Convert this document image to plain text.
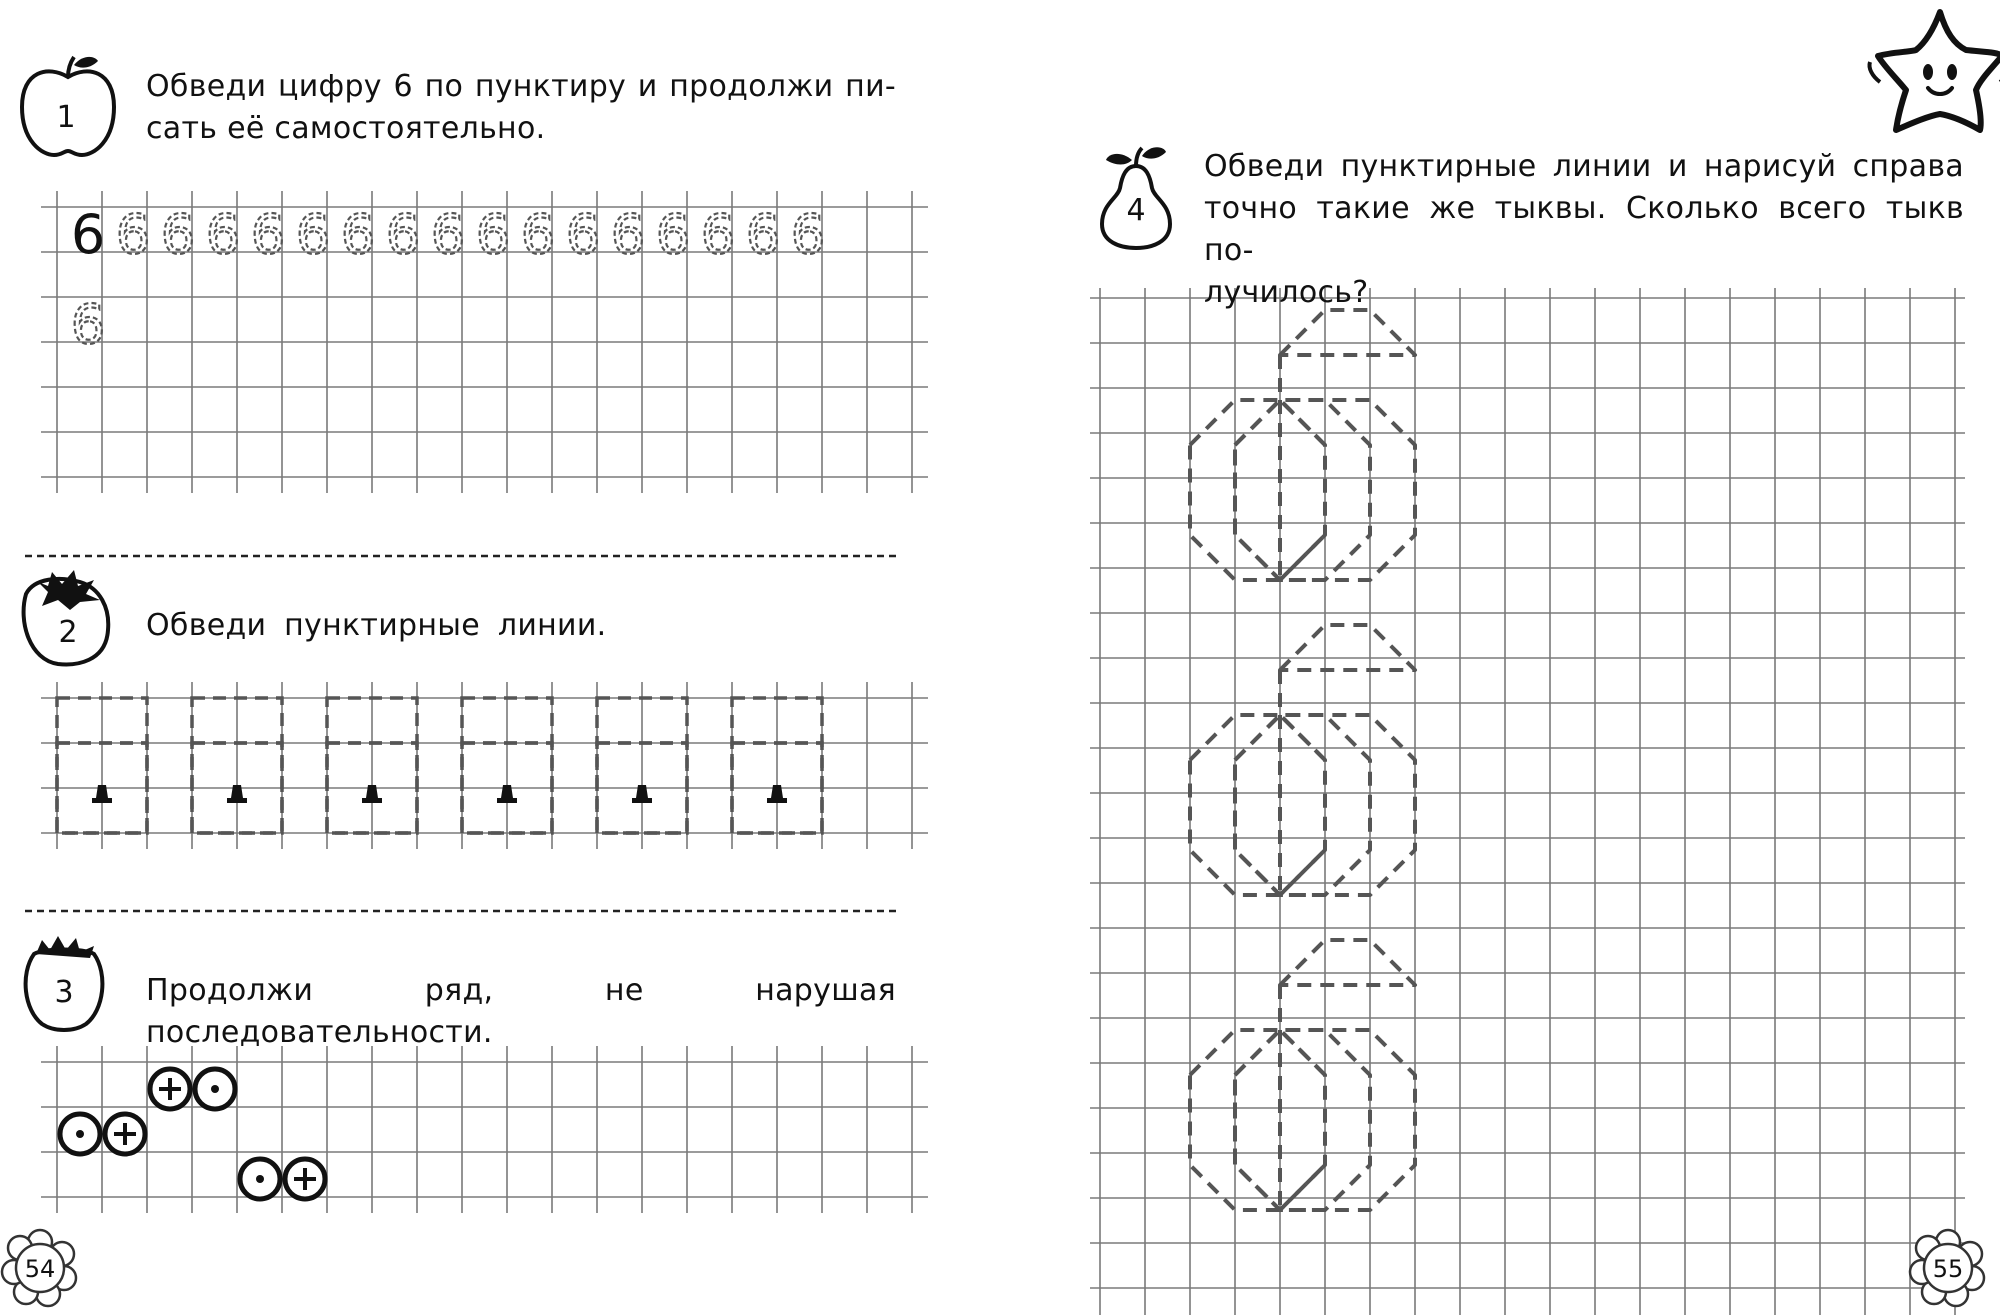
6 6 6 6 6 6 6 6 6 6 6 6 6 6 6 6 6
6
1
2
3
4
54	55
Обведи цифру 6 по пунктиру и продолжи пи-
сать её самостоятельно.
Обведи пунктирные линии.
Продолжи ряд, не нарушая последовательности.
Обведи пунктирные линии и нарисуй справа
точно такие же тыквы. Сколько всего тыкв по-
лучилось?
